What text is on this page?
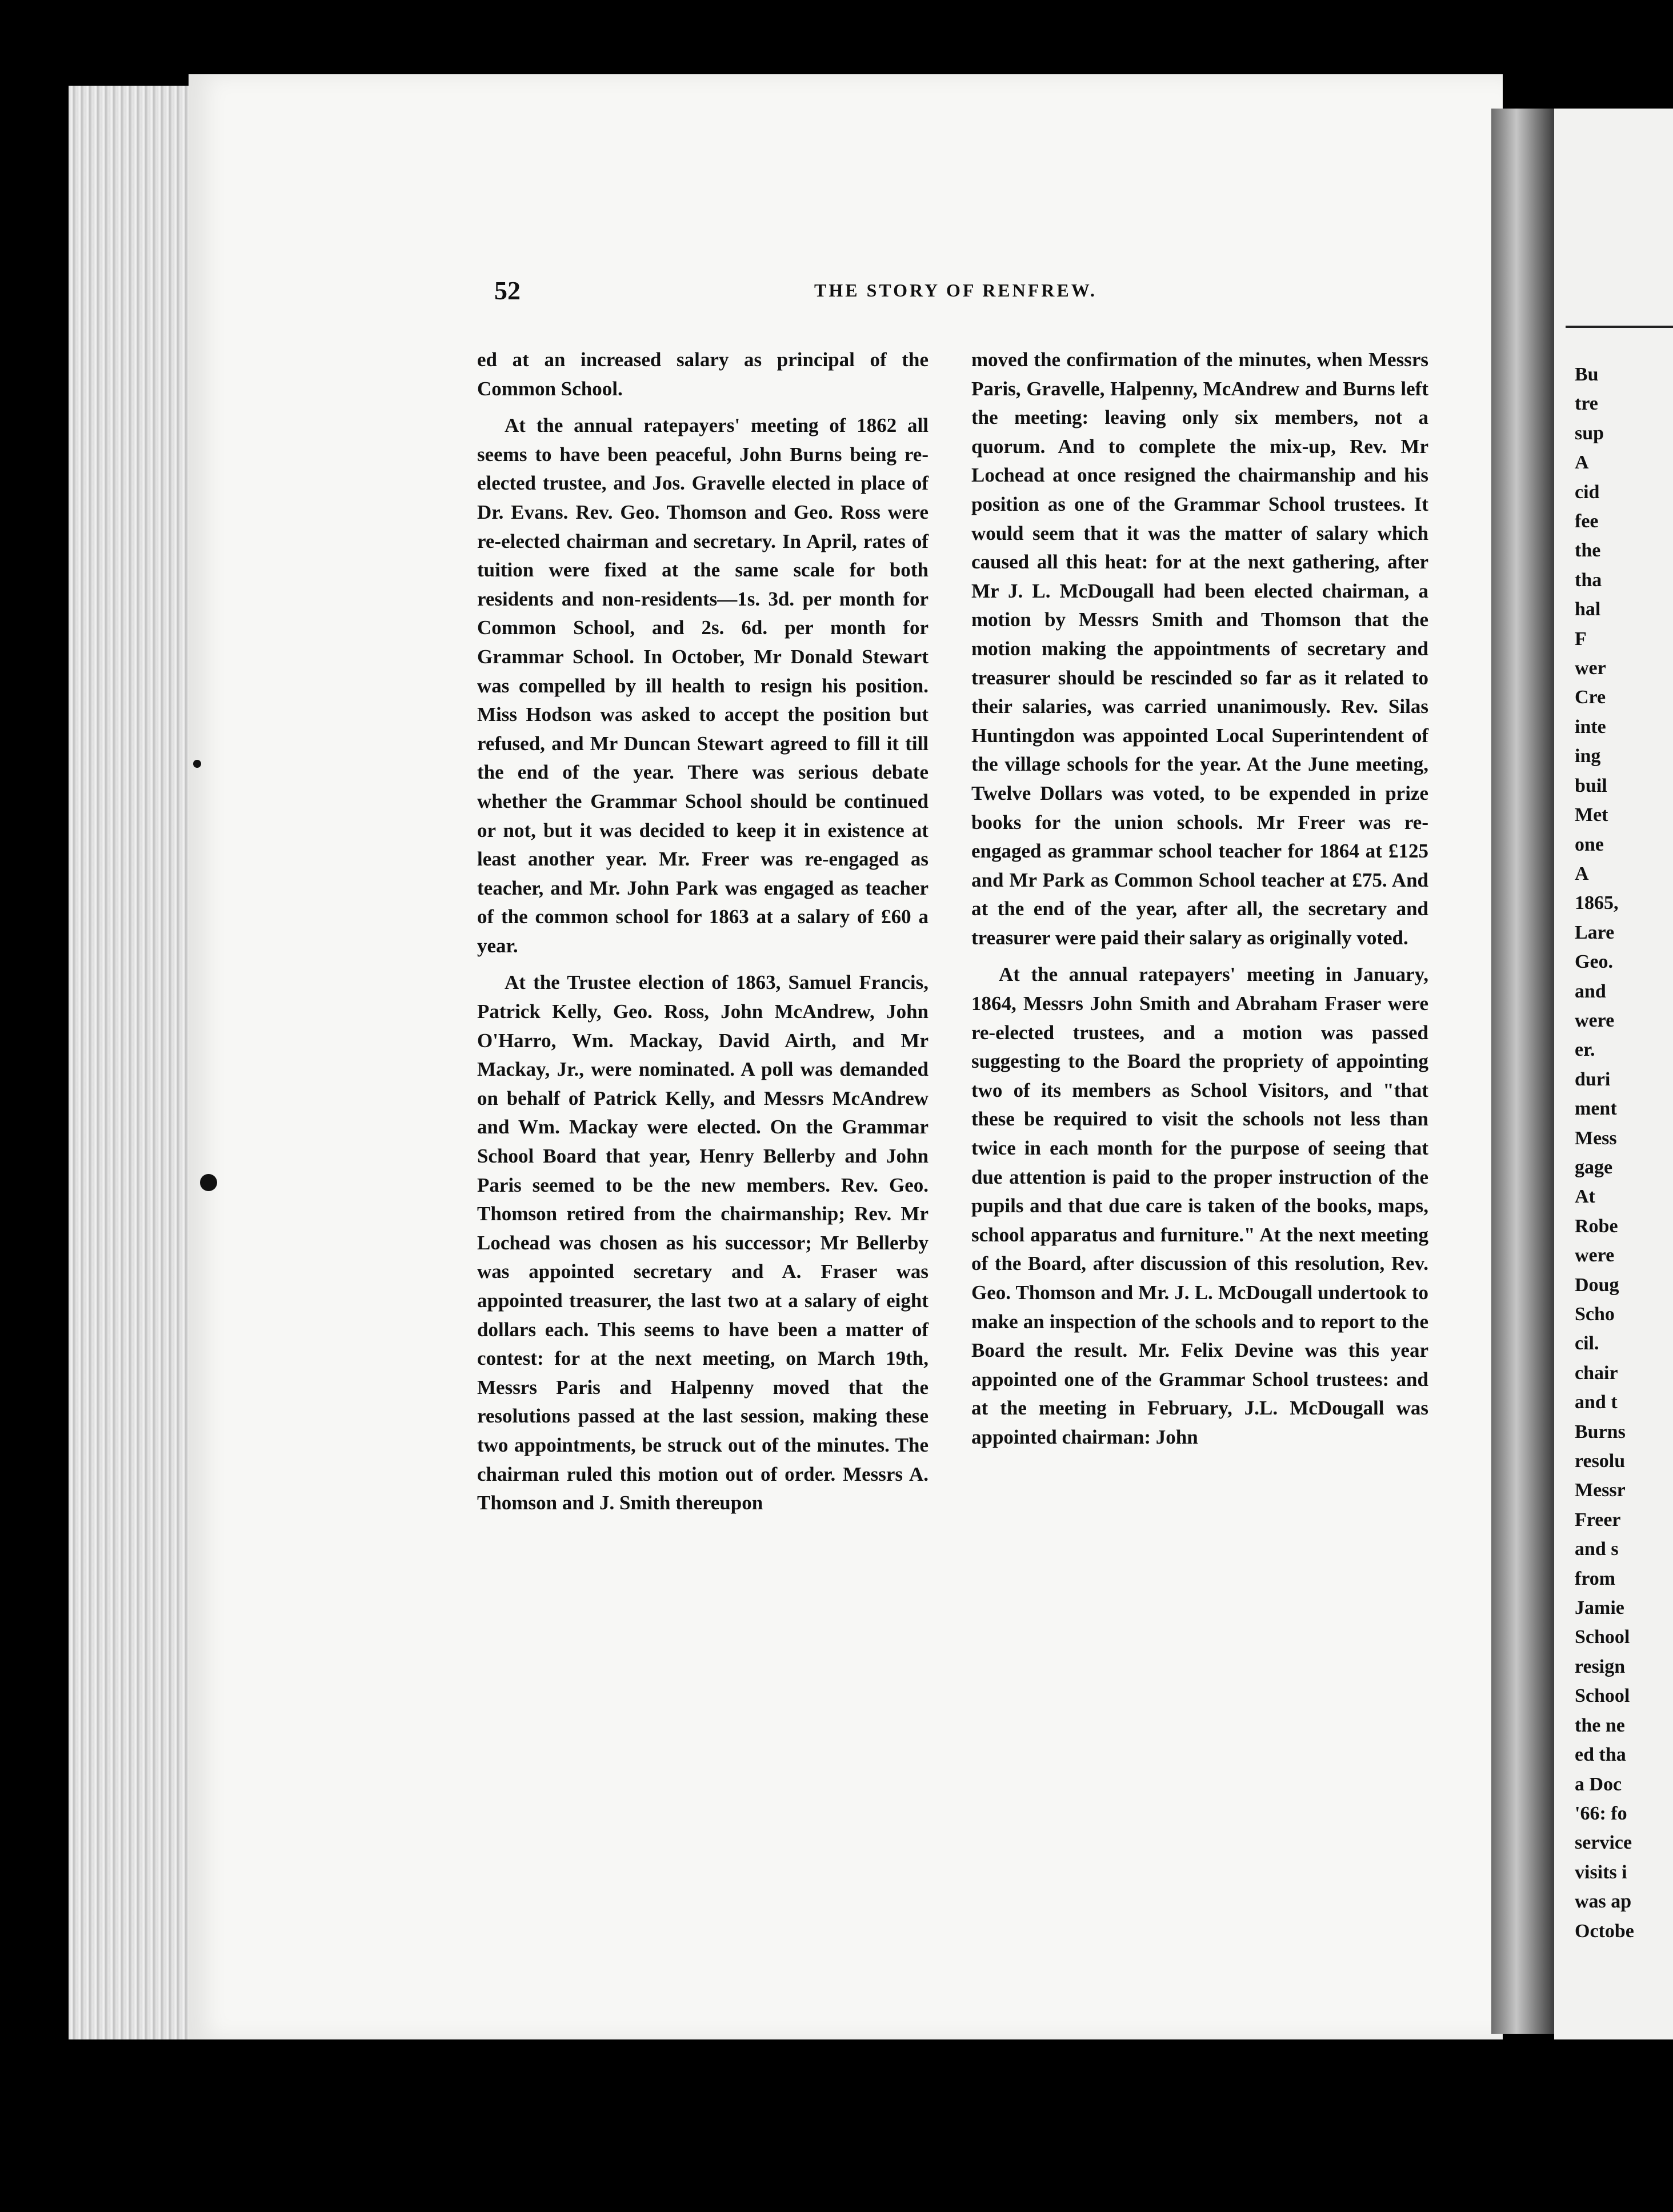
Bu
tre
sup
A
cid
fee
the
tha
hal
F
wer
Cre
inte
ing
buil
Met
one
A
1865,
Lare
Geo.
and
were
er.
duri
ment
Mess
gage
At
Robe
were
Doug
Scho
cil.
chair
and t
Burns
resolu
Messr
Freer
and s
from
Jamie
School
resign
School
the ne
ed tha
a Doc
'66: fo
service
visits i
was ap
Octobe
52	THE STORY OF RENFREW.

ed at an increased salary as principal of the Common School.

At the annual ratepayers' meeting of 1862 all seems to have been peaceful, John Burns being re-elected trustee, and Jos. Gravelle elected in place of Dr. Evans. Rev. Geo. Thomson and Geo. Ross were re-elected chairman and secretary. In April, rates of tuition were fixed at the same scale for both residents and non-residents—1s. 3d. per month for Common School, and 2s. 6d. per month for Grammar School. In October, Mr Donald Stewart was compelled by ill health to resign his position. Miss Hodson was asked to accept the position but refused, and Mr Duncan Stewart agreed to fill it till the end of the year. There was serious debate whether the Grammar School should be continued or not, but it was decided to keep it in existence at least another year. Mr. Freer was re-engaged as teacher, and Mr. John Park was engaged as teacher of the common school for 1863 at a salary of £60 a year.

At the Trustee election of 1863, Samuel Francis, Patrick Kelly, Geo. Ross, John McAndrew, John O'Harro, Wm. Mackay, David Airth, and Mr Mackay, Jr., were nominated. A poll was demanded on behalf of Patrick Kelly, and Messrs McAndrew and Wm. Mackay were elected. On the Grammar School Board that year, Henry Bellerby and John Paris seemed to be the new members. Rev. Geo. Thomson retired from the chairmanship; Rev. Mr Lochead was chosen as his successor; Mr Bellerby was appointed secretary and A. Fraser was appointed treasurer, the last two at a salary of eight dollars each. This seems to have been a matter of contest: for at the next meeting, on March 19th, Messrs Paris and Halpenny moved that the resolutions passed at the last session, making these two appointments, be struck out of the minutes. The chairman ruled this motion out of order. Messrs A. Thomson and J. Smith thereupon

moved the confirmation of the minutes, when Messrs Paris, Gravelle, Halpenny, McAndrew and Burns left the meeting: leaving only six members, not a quorum. And to complete the mix-up, Rev. Mr Lochead at once resigned the chairmanship and his position as one of the Grammar School trustees. It would seem that it was the matter of salary which caused all this heat: for at the next gathering, after Mr J. L. McDougall had been elected chairman, a motion by Messrs Smith and Thomson that the motion making the appointments of secretary and treasurer should be rescinded so far as it related to their salaries, was carried unanimously. Rev. Silas Huntingdon was appointed Local Superintendent of the village schools for the year. At the June meeting, Twelve Dollars was voted, to be expended in prize books for the union schools. Mr Freer was re-engaged as grammar school teacher for 1864 at £125 and Mr Park as Common School teacher at £75. And at the end of the year, after all, the secretary and treasurer were paid their salary as originally voted.

At the annual ratepayers' meeting in January, 1864, Messrs John Smith and Abraham Fraser were re-elected trustees, and a motion was passed suggesting to the Board the propriety of appointing two of its members as School Visitors, and "that these be required to visit the schools not less than twice in each month for the purpose of seeing that due attention is paid to the proper instruction of the pupils and that due care is taken of the books, maps, school apparatus and furniture." At the next meeting of the Board, after discussion of this resolution, Rev. Geo. Thomson and Mr. J. L. McDougall undertook to make an inspection of the schools and to report to the Board the result. Mr. Felix Devine was this year appointed one of the Grammar School trustees: and at the meeting in February, J.L. McDougall was appointed chairman: John
